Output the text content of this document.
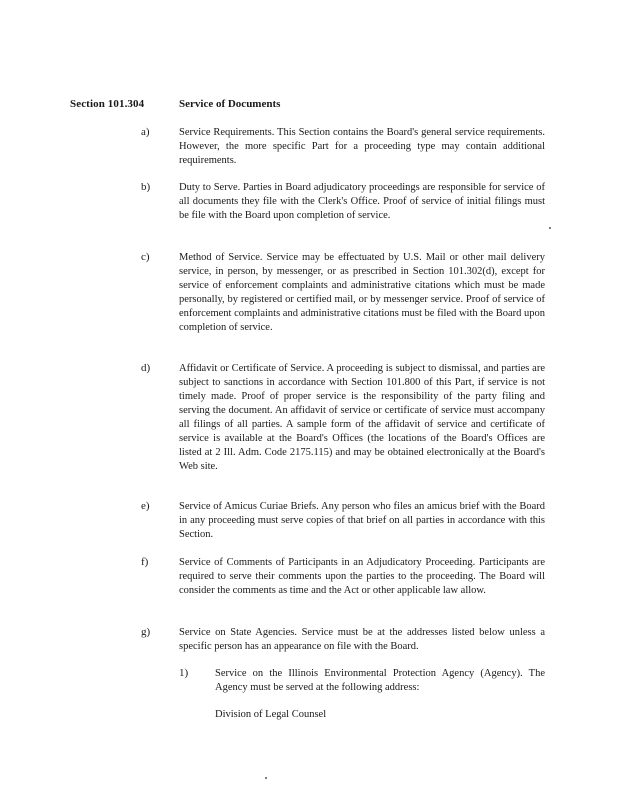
Section 101.304	Service of Documents
a)	Service Requirements. This Section contains the Board's general service requirements. However, the more specific Part for a proceeding type may contain additional requirements.
b)	Duty to Serve. Parties in Board adjudicatory proceedings are responsible for service of all documents they file with the Clerk's Office. Proof of service of initial filings must be file with the Board upon completion of service.
c)	Method of Service. Service may be effectuated by U.S. Mail or other mail delivery service, in person, by messenger, or as prescribed in Section 101.302(d), except for service of enforcement complaints and administrative citations which must be made personally, by registered or certified mail, or by messenger service. Proof of service of enforcement complaints and administrative citations must be filed with the Board upon completion of service.
d)	Affidavit or Certificate of Service. A proceeding is subject to dismissal, and parties are subject to sanctions in accordance with Section 101.800 of this Part, if service is not timely made. Proof of proper service is the responsibility of the party filing and serving the document. An affidavit of service or certificate of service must accompany all filings of all parties. A sample form of the affidavit of service and certificate of service is available at the Board's Offices (the locations of the Board's Offices are listed at 2 Ill. Adm. Code 2175.115) and may be obtained electronically at the Board's Web site.
e)	Service of Amicus Curiae Briefs. Any person who files an amicus brief with the Board in any proceeding must serve copies of that brief on all parties in accordance with this Section.
f)	Service of Comments of Participants in an Adjudicatory Proceeding. Participants are required to serve their comments upon the parties to the proceeding. The Board will consider the comments as time and the Act or other applicable law allow.
g)	Service on State Agencies. Service must be at the addresses listed below unless a specific person has an appearance on file with the Board.
1)	Service on the Illinois Environmental Protection Agency (Agency). The Agency must be served at the following address:
Division of Legal Counsel
